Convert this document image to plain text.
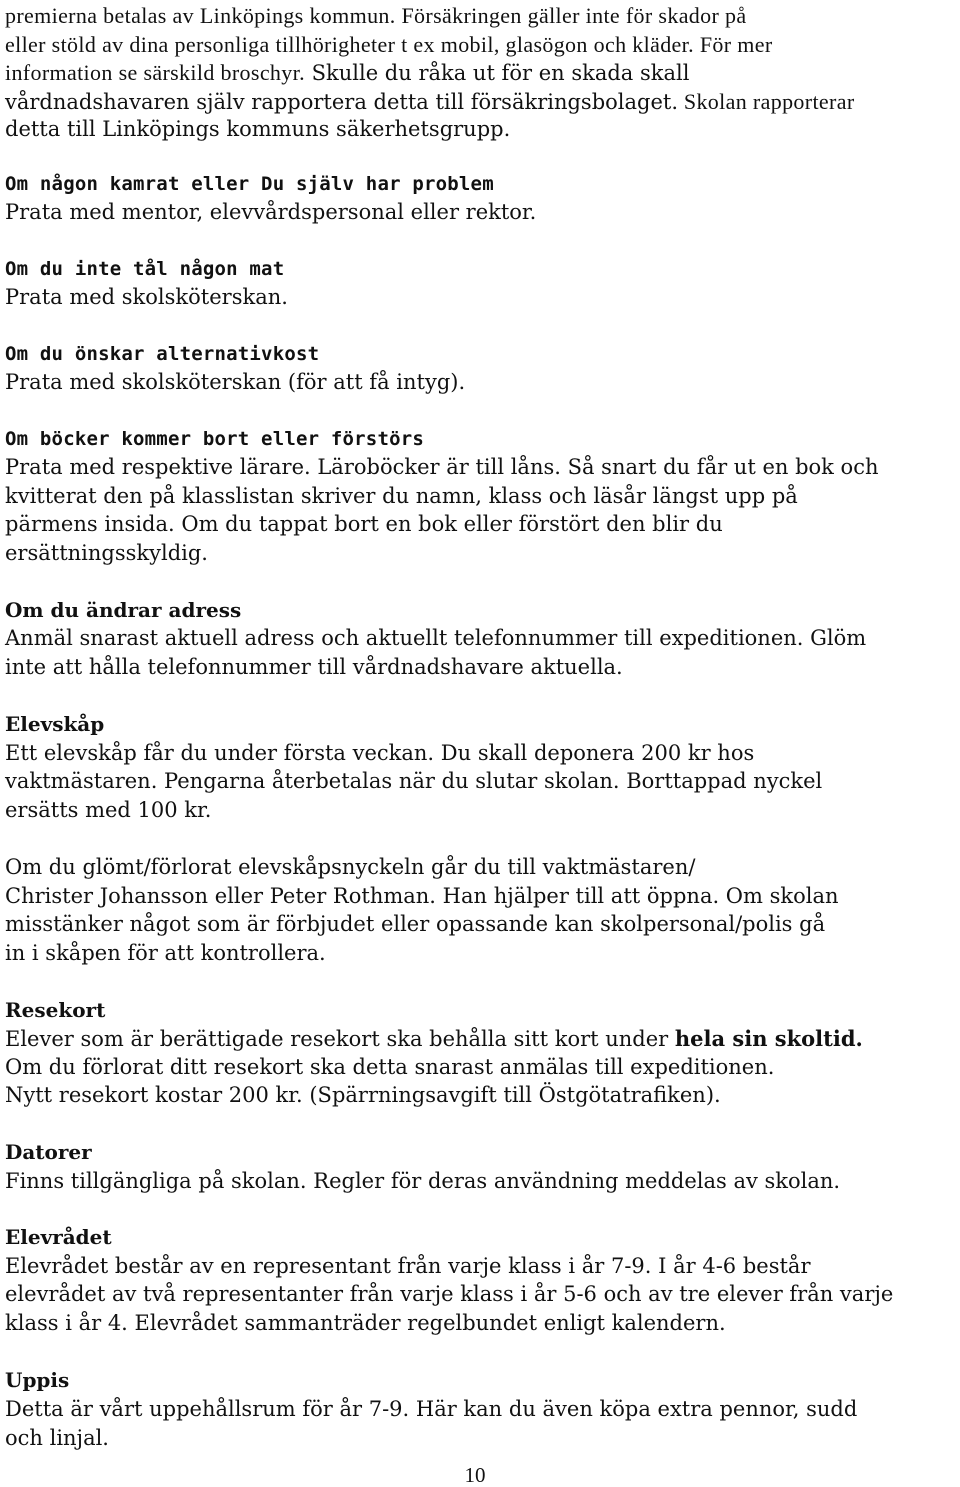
premierna betalas av Linköpings kommun. Försäkringen gäller inte för skador på

eller stöld av dina personliga tillhörigheter t ex mobil, glasögon och kläder. För mer

information se särskild broschyr. Skulle du råka ut för en skada skall

vårdnadshavaren själv rapportera detta till försäkringsbolaget. Skolan rapporterar

detta till Linköpings kommuns säkerhetsgrupp.

Om någon kamrat eller Du själv har problem

Prata med mentor, elevvårdspersonal eller rektor.

Om du inte tål någon mat

Prata med skolsköterskan.

Om du önskar alternativkost

Prata med skolsköterskan (för att få intyg).

Om böcker kommer bort eller förstörs

Prata med respektive lärare. Läroböcker är till låns. Så snart du får ut en bok och

kvitterat den på klasslistan skriver du namn, klass och läsår längst upp på

pärmens insida. Om du tappat bort en bok eller förstört den blir du

ersättningsskyldig.

Om du ändrar adress

Anmäl snarast aktuell adress och aktuellt telefonnummer till expeditionen. Glöm

inte att hålla telefonnummer till vårdnadshavare aktuella.

Elevskåp

Ett elevskåp får du under första veckan. Du skall deponera 200 kr hos

vaktmästaren. Pengarna återbetalas när du slutar skolan. Borttappad nyckel

ersätts med 100 kr.

Om du glömt/förlorat elevskåpsnyckeln går du till vaktmästaren/

Christer Johansson eller Peter Rothman. Han hjälper till att öppna. Om skolan

misstänker något som är förbjudet eller opassande kan skolpersonal/polis gå

in i skåpen för att kontrollera.

Resekort

Elever som är berättigade resekort ska behålla sitt kort under hela sin skoltid.

Om du förlorat ditt resekort ska detta snarast anmälas till expeditionen.

Nytt resekort kostar 200 kr. (Spärrningsavgift till Östgötatrafiken).

Datorer

Finns tillgängliga på skolan. Regler för deras användning meddelas av skolan.

Elevrådet

Elevrådet består av en representant från varje klass i år 7-9. I år 4-6 består

elevrådet av två representanter från varje klass i år 5-6 och av tre elever från varje

klass i år 4. Elevrådet sammanträder regelbundet enligt kalendern.

Uppis

Detta är vårt uppehållsrum för år 7-9. Här kan du även köpa extra pennor, sudd

och linjal.

10
